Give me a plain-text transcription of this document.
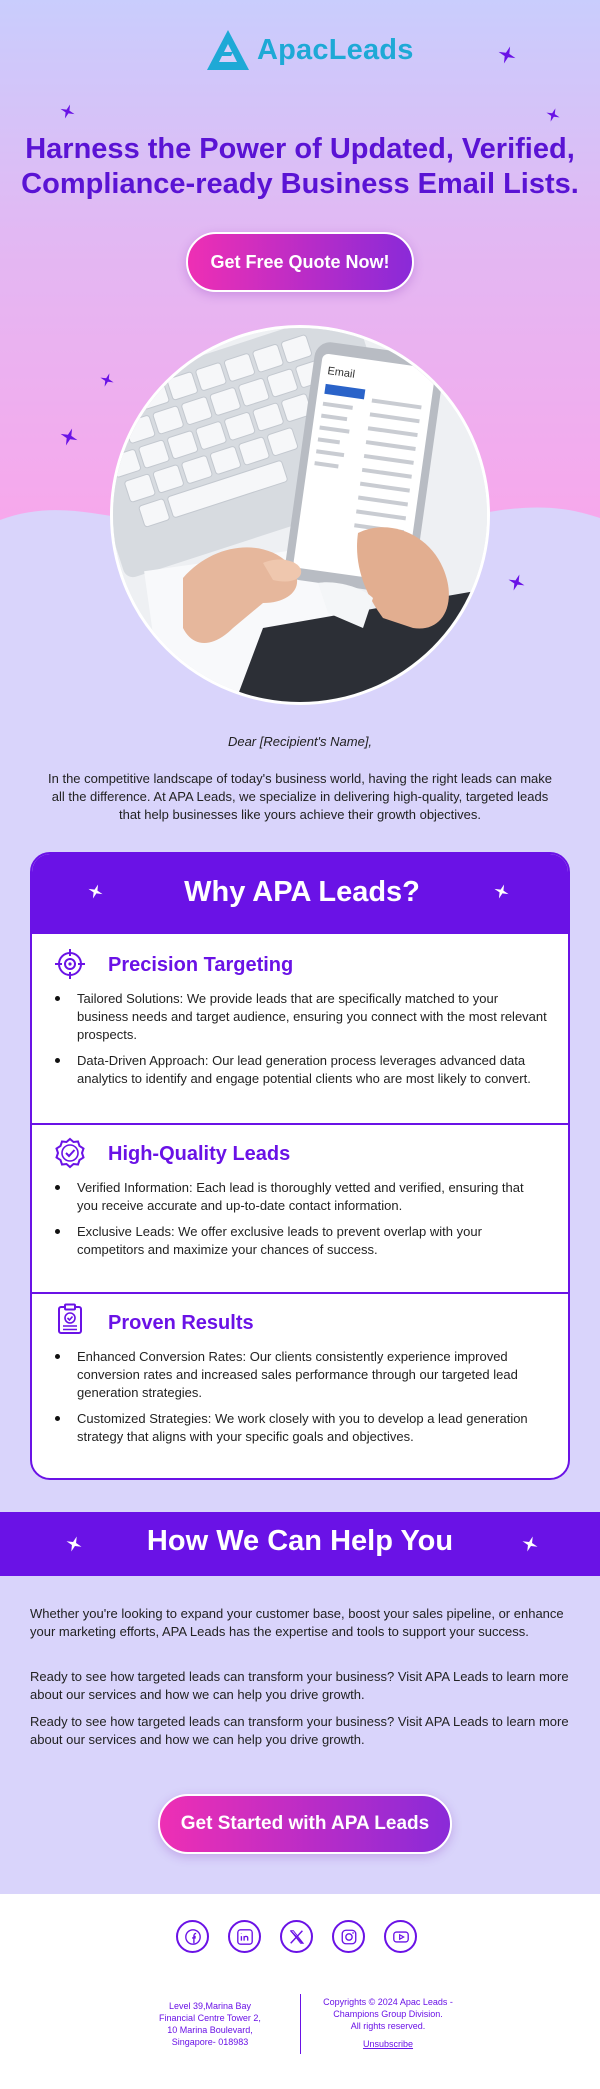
ApacLeads
Harness the Power of Updated, Verified,
Compliance-ready Business Email Lists.
Get Free Quote Now!
Email
Dear [Recipient's Name],
In the competitive landscape of today's business world, having the right leads can make all the difference. At APA Leads, we specialize in delivering high-quality, targeted leads that help businesses like yours achieve their growth objectives.
Why APA Leads?
Precision Targeting
Tailored Solutions: We provide leads that are specifically matched to your business needs and target audience, ensuring you connect with the most relevant prospects.
Data-Driven Approach: Our lead generation process leverages advanced data analytics to identify and engage potential clients who are most likely to convert.
High-Quality Leads
Verified Information: Each lead is thoroughly vetted and verified, ensuring that you receive accurate and up-to-date contact information.
Exclusive Leads: We offer exclusive leads to prevent overlap with your competitors and maximize your chances of success.
Proven Results
Enhanced Conversion Rates: Our clients consistently experience improved conversion rates and increased sales performance through our targeted lead generation strategies.
Customized Strategies: We work closely with you to develop a lead generation strategy that aligns with your specific goals and objectives.
How We Can Help You
Whether you're looking to expand your customer base, boost your sales pipeline, or enhance your marketing efforts, APA Leads has the expertise and tools to support your success.
Ready to see how targeted leads can transform your business? Visit APA Leads to learn more about our services and how we can help you drive growth.
Ready to see how targeted leads can transform your business? Visit APA Leads to learn more about our services and how we can help you drive growth.
Get Started with APA Leads
Level 39,Marina Bay
Financial Centre Tower 2,
10 Marina Boulevard,
Singapore- 018983
Copyrights © 2024 Apac Leads -
Champions Group Division.
All rights reserved.
Unsubscribe
